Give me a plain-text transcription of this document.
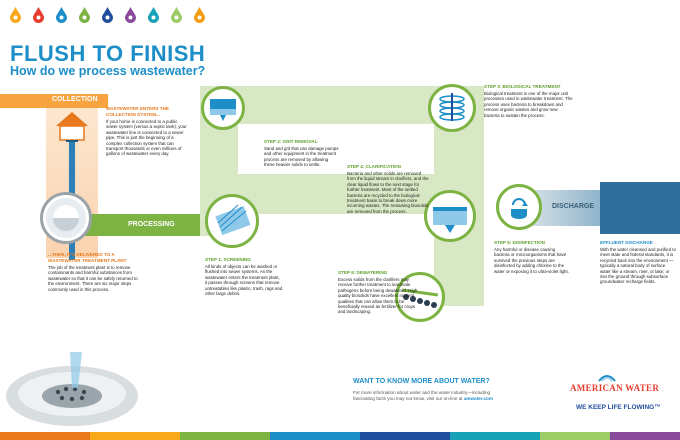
FLUSH TO FINISH
How do we process wastewater?
COLLECTION
PROCESSING
DISCHARGE
WASTEWATER ENTERS THE COLLECTION SYSTEM...
If your home is connected to a public sewer system (versus a septic tank), your wastewater line is connected to a sewer pipe. This is just the beginning of a complex collection system that can transport thousands or even millions of gallons of wastewater every day.
...THEN, IT'S DELIVERED TO A WASTEWATER TREATMENT PLANT
The job of the treatment plant is to remove contaminants and harmful substances from wastewater so that it can be safely returned to the environment. There are six major steps commonly used in this process.
STEP 1: SCREENING
All kinds of objects can be washed or flushed into sewer systems. As the wastewater enters the treatment plant, it passes through screens that remove untreatables like plastic, trash, rags and other large debris.
STEP 2: GRIT REMOVAL
Sand and grit that can damage pumps and other equipment in the treatment process are removed by allowing these heavier solids to settle.
STEP 3: BIOLOGICAL TREATMENT
Biological treatment is one of the major unit processes used in wastewater treatment. The process uses bacteria to breakdown and remove organic wastes and grow new bacteria to sustain the process.
STEP 4: CLARIFICATION
Bacteria and other solids are removed from the liquid stream in clarifiers, and the clear liquid flows to the next stage for further treatment. Most of the settled bacteria are recycled to the biological treatment basin to break down more incoming wastes. The remaining biosolids are removed from the process.
STEP 5: DISINFECTION
Any harmful or disease causing bacteria or microorganisms that have survived the previous steps are disinfected by adding chlorine to the water or exposing it to ultra-violet light.
STEP 6: DEWATERING
Excess solids from the clarifiers may receive further treatment to inactivate pathogens before being dewatered. High quality biosolids have excellent nutrient qualities that can allow them to be beneficially reused as fertilizer for crops and landscaping.
EFFLUENT DISCHARGE
With the water cleansed and purified to meet state and federal standards, it is recycled back into the environment — typically a natural body of surface water like a stream, river, or lake; or into the ground through subsurface groundwater recharge fields.
WANT TO KNOW MORE ABOUT WATER?
For more information about water and the water industry—including fascinating facts you may not know, visit our on-line at amwater.com
AMERICAN WATER
WE KEEP LIFE FLOWING™
